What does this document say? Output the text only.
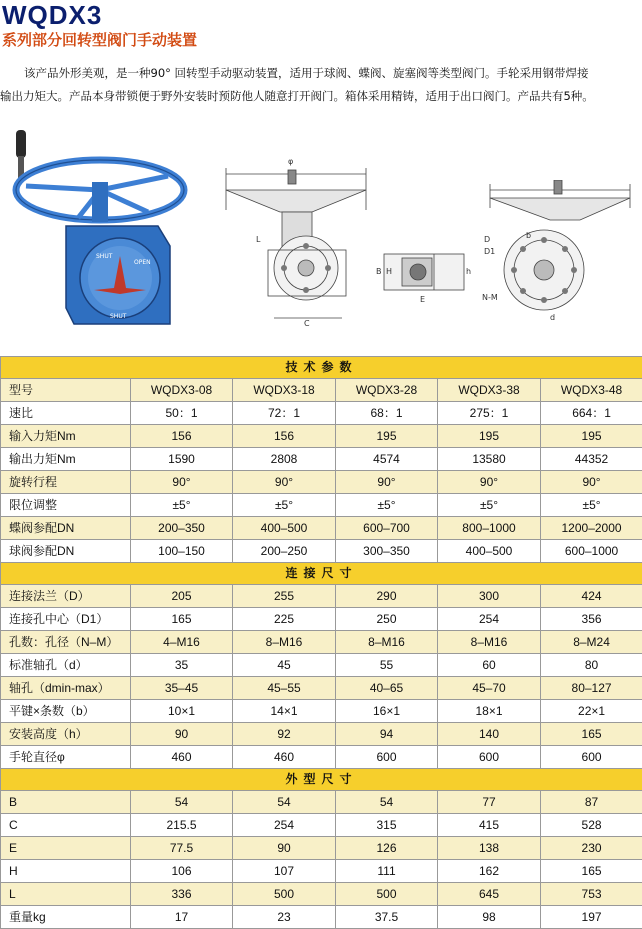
WQDX3
系列部分回转型阀门手动装置

该产品外形美观，是一种90° 回转型手动驱动装置，适用于球阀、蝶阀、旋塞阀等类型阀门。手轮采用钢带焊接

输出力矩大。产品本身带锁便于野外安装时预防他人随意打开阀门。箱体采用精铸，适用于出口阀门。产品共有5种。

SHUT
OPEN
SHUT
φ
C
L
B H
E
h
D
D1
b
d
N-M
技术参数					
型号	WQDX3-08	WQDX3-18	WQDX3-28	WQDX3-38	WQDX3-48
速比	50：1	72：1	68：1	275：1	664：1
输入力矩Nm	156	156	195	195	195
输出力矩Nm	1590	2808	4574	13580	44352
旋转行程	90°	90°	90°	90°	90°
限位调整	±5°	±5°	±5°	±5°	±5°
蝶阀参配DN	200–350	400–500	600–700	800–1000	1200–2000
球阀参配DN	100–150	200–250	300–350	400–500	600–1000
连接尺寸					
连接法兰（D）	205	255	290	300	424
连接孔中心（D1）	165	225	250	254	356
孔数：孔径（N–M）	4–M16	8–M16	8–M16	8–M16	8–M24
标准轴孔（d）	35	45	55	60	80
轴孔（dmin-max）	35–45	45–55	40–65	45–70	80–127
平键×条数（b）	10×1	14×1	16×1	18×1	22×1
安装高度（h）	90	92	94	140	165
手轮直径φ	460	460	600	600	600
外型尺寸					
B	54	54	54	77	87
C	215.5	254	315	415	528
E	77.5	90	126	138	230
H	106	107	111	162	165
L	336	500	500	645	753
重量kg	17	23	37.5	98	197
